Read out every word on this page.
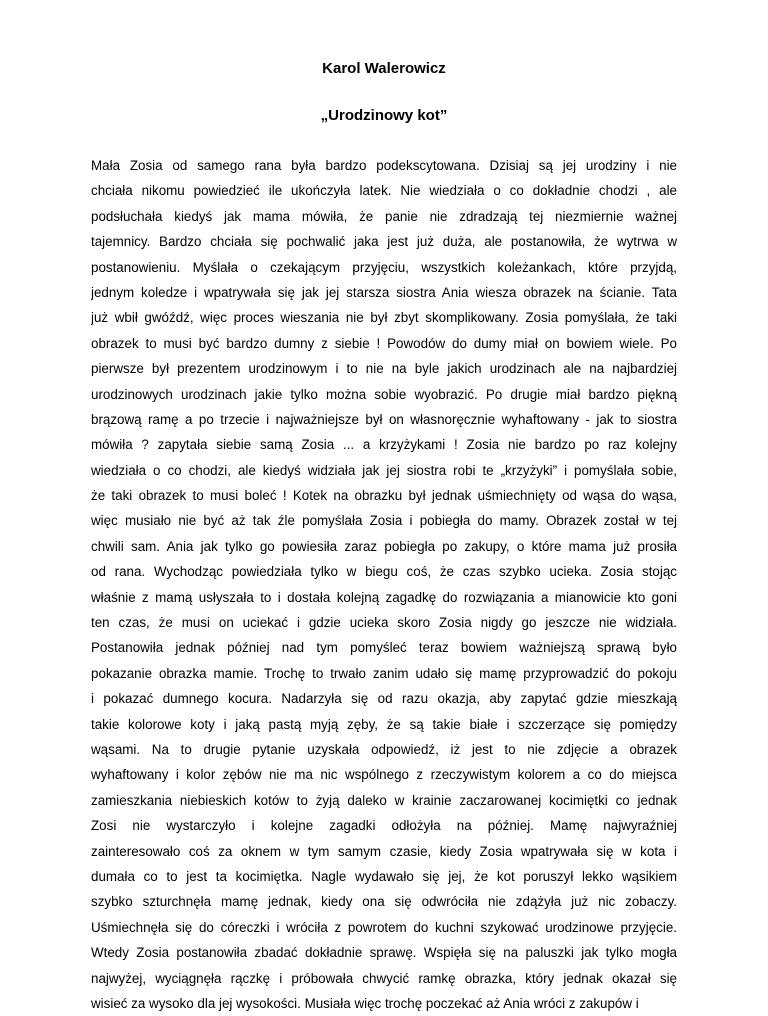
Karol Walerowicz
„Urodzinowy kot”
Mała Zosia od samego rana była bardzo podekscytowana. Dzisiaj są jej urodziny i nie
chciała nikomu powiedzieć ile ukończyła latek. Nie wiedziała o co dokładnie chodzi , ale
podsłuchała kiedyś jak mama mówiła, że panie nie zdradzają tej niezmiernie ważnej
tajemnicy. Bardzo chciała się pochwalić jaka jest już duża, ale postanowiła, że wytrwa w
postanowieniu. Myślała o czekającym przyjęciu, wszystkich koleżankach, które przyjdą,
jednym koledze i wpatrywała się jak jej starsza siostra Ania wiesza obrazek na ścianie. Tata
już wbił gwóźdź, więc proces wieszania nie był zbyt skomplikowany. Zosia pomyślała, że taki
obrazek to musi być bardzo dumny z siebie ! Powodów do dumy miał on bowiem wiele. Po
pierwsze był prezentem urodzinowym i to nie na byle jakich urodzinach ale na najbardziej
urodzinowych urodzinach jakie tylko można sobie wyobrazić. Po drugie miał bardzo piękną
brązową ramę a po trzecie i najważniejsze był on własnoręcznie wyhaftowany - jak to siostra
mówiła ? zapytała siebie samą Zosia ... a krzyżykami ! Zosia nie bardzo po raz kolejny
wiedziała o co chodzi, ale kiedyś widziała jak jej siostra robi te „krzyżyki” i pomyślała sobie,
że taki obrazek to musi boleć ! Kotek na obrazku był jednak uśmiechnięty od wąsa do wąsa,
więc musiało nie być aż tak źle pomyślała Zosia i pobiegła do mamy. Obrazek został w tej
chwili sam. Ania jak tylko go powiesiła zaraz pobiegła po zakupy, o które mama już prosiła
od rana. Wychodząc powiedziała tylko w biegu coś, że czas szybko ucieka. Zosia stojąc
właśnie z mamą usłyszała to i dostała kolejną zagadkę do rozwiązania a mianowicie kto goni
ten czas, że musi on uciekać i gdzie ucieka skoro Zosia nigdy go jeszcze nie widziała.
Postanowiła jednak później nad tym pomyśleć teraz bowiem ważniejszą sprawą było
pokazanie obrazka mamie. Trochę to trwało zanim udało się mamę przyprowadzić do pokoju
i pokazać dumnego kocura. Nadarzyła się od razu okazja, aby zapytać gdzie mieszkają
takie kolorowe koty i jaką pastą myją zęby, że są takie białe i szczerzące się pomiędzy
wąsami. Na to drugie pytanie uzyskała odpowiedź, iż jest to nie zdjęcie a obrazek
wyhaftowany i kolor zębów nie ma nic wspólnego z rzeczywistym kolorem a co do miejsca
zamieszkania niebieskich kotów to żyją daleko w krainie zaczarowanej kocimiętki co jednak
Zosi nie wystarczyło i kolejne zagadki odłożyła na później. Mamę najwyraźniej
zainteresowało coś za oknem w tym samym czasie, kiedy Zosia wpatrywała się w kota i
dumała co to jest ta kocimiętka. Nagle wydawało się jej, że kot poruszył lekko wąsikiem
szybko szturchnęła mamę jednak, kiedy ona się odwróciła nie zdążyła już nic zobaczy.
Uśmiechnęła się do córeczki i wróciła z powrotem do kuchni szykować urodzinowe przyjęcie.
Wtedy Zosia postanowiła zbadać dokładnie sprawę. Wspięła się na paluszki jak tylko mogła
najwyżej, wyciągnęła rączkę i próbowała chwycić ramkę obrazka, który jednak okazał się
wisieć za wysoko dla jej wysokości. Musiała więc trochę poczekać aż Ania wróci z zakupów i
